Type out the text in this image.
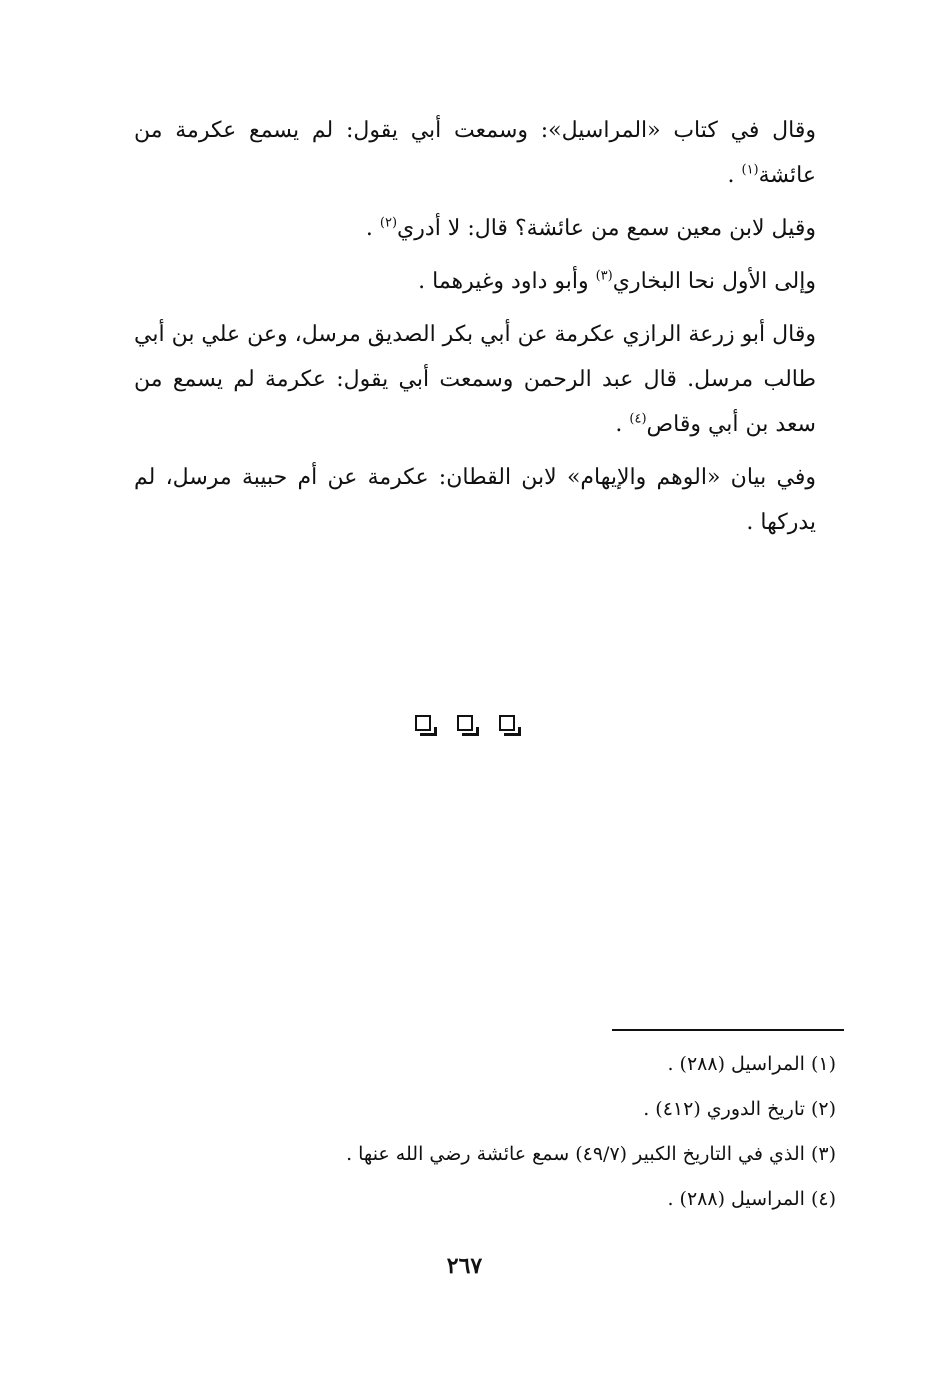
وقال في كتاب «المراسيل»: وسمعت أبي يقول: لم يسمع عكرمة من عائشة$^{(١)}$ .

وقيل لابن معين سمع من عائشة؟ قال: لا أدري$^{(٢)}$ .

وإلى الأول نحا البخاري$^{(٣)}$ وأبو داود وغيرهما .

وقال أبو زرعة الرازي عكرمة عن أبي بكر الصديق مرسل، وعن علي بن أبي طالب مرسل. قال عبد الرحمن وسمعت أبي يقول: عكرمة لم يسمع من سعد بن أبي وقاص$^{(٤)}$ .

وفي بيان «الوهم والإيهام» لابن القطان: عكرمة عن أم حبيبة مرسل، لم يدركها .

(١) المراسيل (٢٨٨) .

(٢) تاريخ الدوري (٤١٢) .

(٣) الذي في التاريخ الكبير (٤٩/٧) سمع عائشة رضي الله عنها .

(٤) المراسيل (٢٨٨) .

٢٦٧
